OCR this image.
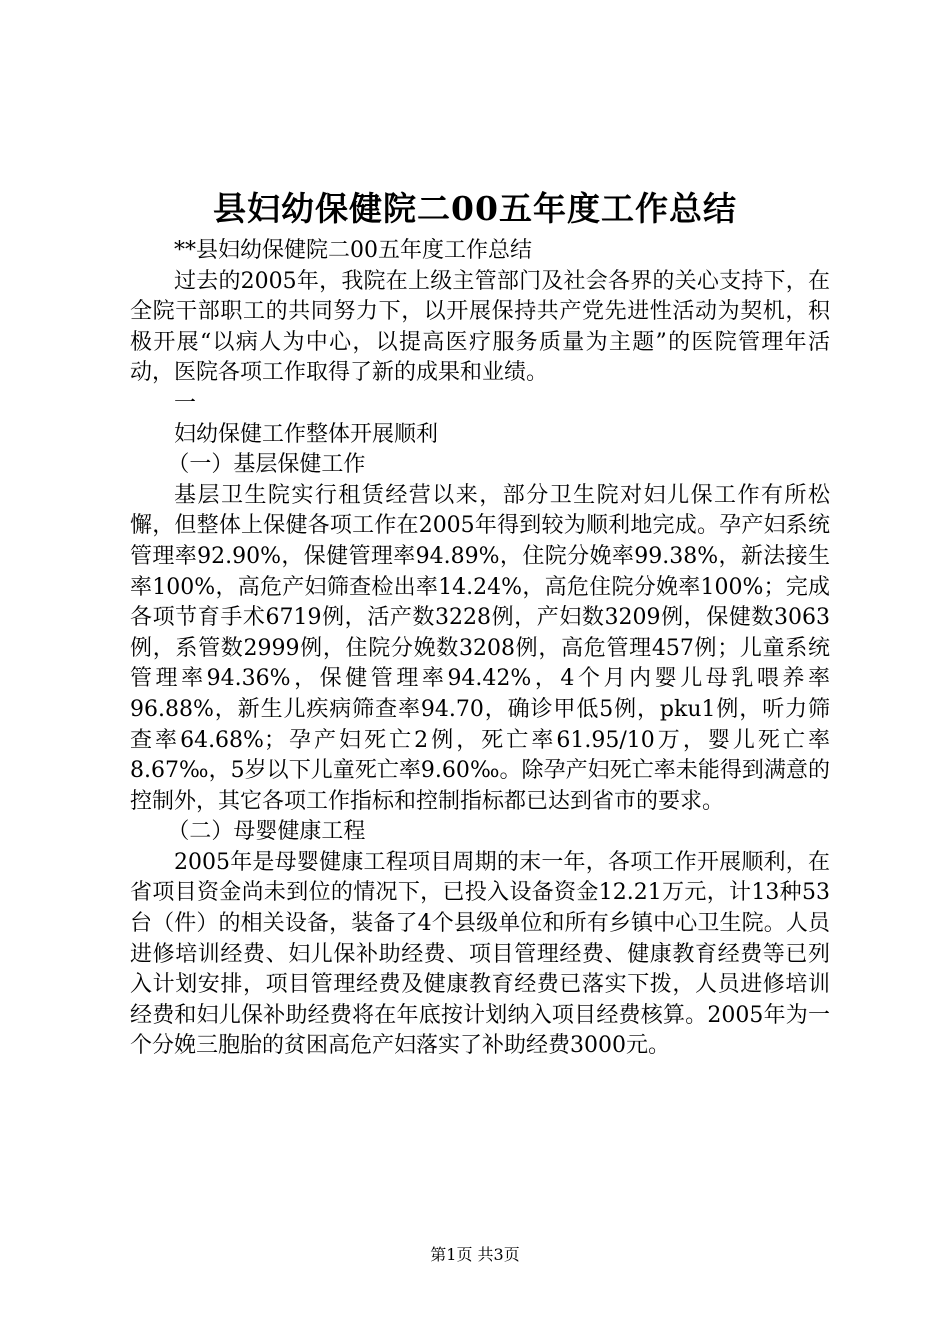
县妇幼保健院二00五年度工作总结

**县妇幼保健院二00五年度工作总结

过去的2005年，我院在上级主管部门及社会各界的关心支持下，在全院干部职工的共同努力下，以开展保持共产党先进性活动为契机，积极开展“以病人为中心，以提高医疗服务质量为主题”的医院管理年活动，医院各项工作取得了新的成果和业绩。

一

妇幼保健工作整体开展顺利

（一）基层保健工作

基层卫生院实行租赁经营以来，部分卫生院对妇儿保工作有所松懈，但整体上保健各项工作在2005年得到较为顺利地完成。孕产妇系统管理率92.90%，保健管理率94.89%，住院分娩率99.38%，新法接生率100%，高危产妇筛查检出率14.24%，高危住院分娩率100%；完成各项节育手术6719例，活产数3228例，产妇数3209例，保健数3063例，系管数2999例，住院分娩数3208例，高危管理457例；儿童系统管理率94.36%，保健管理率94.42%，4个月内婴儿母乳喂养率96.88%，新生儿疾病筛查率94.70，确诊甲低5例，pku1例，听力筛查率64.68%；孕产妇死亡2例，死亡率61.95/10万，婴儿死亡率8.67‰，5岁以下儿童死亡率9.60‰。除孕产妇死亡率未能得到满意的控制外，其它各项工作指标和控制指标都已达到省市的要求。

（二）母婴健康工程

2005年是母婴健康工程项目周期的末一年，各项工作开展顺利，在省项目资金尚未到位的情况下，已投入设备资金12.21万元，计13种53台（件）的相关设备，装备了4个县级单位和所有乡镇中心卫生院。人员进修培训经费、妇儿保补助经费、项目管理经费、健康教育经费等已列入计划安排，项目管理经费及健康教育经费已落实下拨，人员进修培训经费和妇儿保补助经费将在年底按计划纳入项目经费核算。2005年为一个分娩三胞胎的贫困高危产妇落实了补助经费3000元。

第1页 共3页
